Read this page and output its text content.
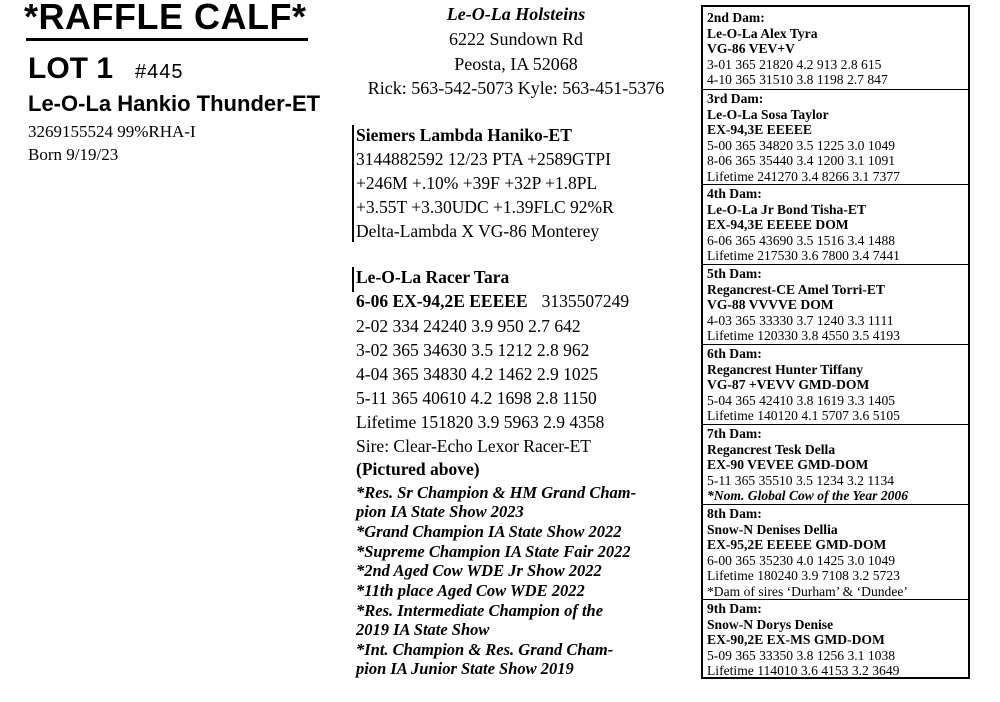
*RAFFLE CALF*
LOT 1 #445
Le-O-La Hankio Thunder-ET
3269155524 99%RHA-I
Born 9/19/23
Le-O-La Holsteins
6222 Sundown Rd
Peosta, IA 52068
Rick: 563-542-5073 Kyle: 563-451-5376
Siemers Lambda Haniko-ET
3144882592 12/23 PTA +2589GTPI
+246M +.10% +39F +32P +1.8PL
+3.55T +3.30UDC +1.39FLC 92%R
Delta-Lambda X VG-86 Monterey
Le-O-La Racer Tara
6-06 EX-94,2E EEEEE 3135507249
2-02 334 24240 3.9 950 2.7 642
3-02 365 34630 3.5 1212 2.8 962
4-04 365 34830 4.2 1462 2.9 1025
5-11 365 40610 4.2 1698 2.8 1150
Lifetime 151820 3.9 5963 2.9 4358
Sire: Clear-Echo Lexor Racer-ET
(Pictured above)
*Res. Sr Champion & HM Grand Cham-
pion IA State Show 2023
*Grand Champion IA State Show 2022
*Supreme Champion IA State Fair 2022
*2nd Aged Cow WDE Jr Show 2022
*11th place Aged Cow WDE 2022
*Res. Intermediate Champion of the
2019 IA State Show
*Int. Champion & Res. Grand Cham-
pion IA Junior State Show 2019
2nd Dam:
Le-O-La Alex Tyra
VG-86 VEV+V
3-01 365 21820 4.2 913 2.8 615
4-10 365 31510 3.8 1198 2.7 847
3rd Dam:
Le-O-La Sosa Taylor
EX-94,3E EEEEE
5-00 365 34820 3.5 1225 3.0 1049
8-06 365 35440 3.4 1200 3.1 1091
Lifetime 241270 3.4 8266 3.1 7377
4th Dam:
Le-O-La Jr Bond Tisha-ET
EX-94,3E EEEEE DOM
6-06 365 43690 3.5 1516 3.4 1488
Lifetime 217530 3.6 7800 3.4 7441
5th Dam:
Regancrest-CE Amel Torri-ET
VG-88 VVVVE DOM
4-03 365 33330 3.7 1240 3.3 1111
Lifetime 120330 3.8 4550 3.5 4193
6th Dam:
Regancrest Hunter Tiffany
VG-87 +VEVV GMD-DOM
5-04 365 42410 3.8 1619 3.3 1405
Lifetime 140120 4.1 5707 3.6 5105
7th Dam:
Regancrest Tesk Della
EX-90 VEVEE GMD-DOM
5-11 365 35510 3.5 1234 3.2 1134
*Nom. Global Cow of the Year 2006
8th Dam:
Snow-N Denises Dellia
EX-95,2E EEEEE GMD-DOM
6-00 365 35230 4.0 1425 3.0 1049
Lifetime 180240 3.9 7108 3.2 5723
*Dam of sires ‘Durham’ & ‘Dundee’
9th Dam:
Snow-N Dorys Denise
EX-90,2E EX-MS GMD-DOM
5-09 365 33350 3.8 1256 3.1 1038
Lifetime 114010 3.6 4153 3.2 3649
